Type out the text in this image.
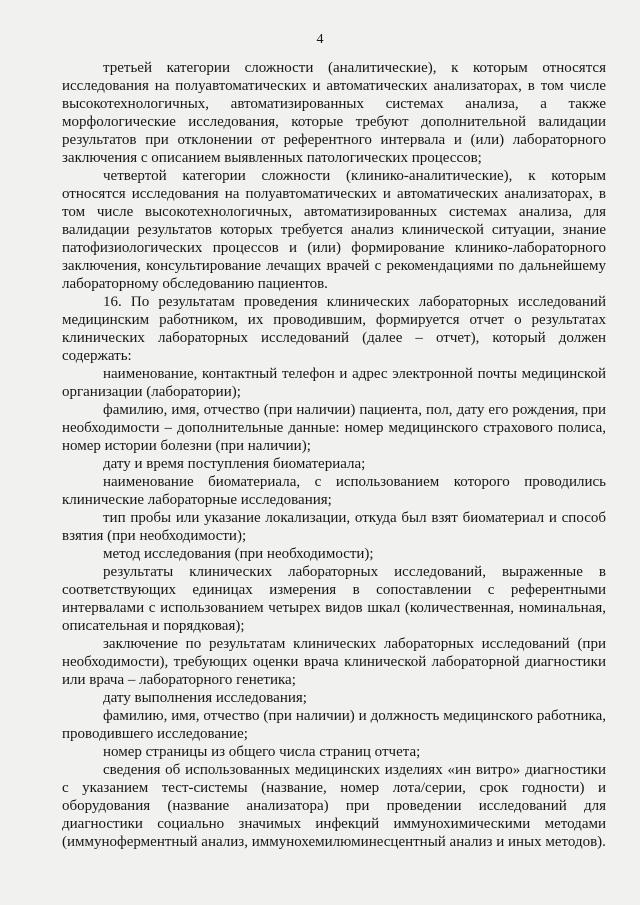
4

третьей категории сложности (аналитические), к которым относятся исследования на полуавтоматических и автоматических анализаторах, в том числе высокотехнологичных, автоматизированных системах анализа, а также морфологические исследования, которые требуют дополнительной валидации результатов при отклонении от референтного интервала и (или) лабораторного заключения с описанием выявленных патологических процессов;

четвертой категории сложности (клинико-аналитические), к которым относятся исследования на полуавтоматических и автоматических анализаторах, в том числе высокотехнологичных, автоматизированных системах анализа, для валидации результатов которых требуется анализ клинической ситуации, знание патофизиологических процессов и (или) формирование клинико-лабораторного заключения, консультирование лечащих врачей с рекомендациями по дальнейшему лабораторному обследованию пациентов.

16. По результатам проведения клинических лабораторных исследований медицинским работником, их проводившим, формируется отчет о результатах клинических лабораторных исследований (далее – отчет), который должен содержать:

наименование, контактный телефон и адрес электронной почты медицинской организации (лаборатории);

фамилию, имя, отчество (при наличии) пациента, пол, дату его рождения, при необходимости – дополнительные данные: номер медицинского страхового полиса, номер истории болезни (при наличии);

дату и время поступления биоматериала;

наименование биоматериала, с использованием которого проводились клинические лабораторные исследования;

тип пробы или указание локализации, откуда был взят биоматериал и способ взятия (при необходимости);

метод исследования (при необходимости);

результаты клинических лабораторных исследований, выраженные в соответствующих единицах измерения в сопоставлении с референтными интервалами с использованием четырех видов шкал (количественная, номинальная, описательная и порядковая);

заключение по результатам клинических лабораторных исследований (при необходимости), требующих оценки врача клинической лабораторной диагностики или врача – лабораторного генетика;

дату выполнения исследования;

фамилию, имя, отчество (при наличии) и должность медицинского работника, проводившего исследование;

номер страницы из общего числа страниц отчета;

сведения об использованных медицинских изделиях «ин витро» диагностики с указанием тест-системы (название, номер лота/серии, срок годности) и оборудования (название анализатора) при проведении исследований для диагностики социально значимых инфекций иммунохимическими методами (иммуноферментный анализ, иммунохемилюминесцентный анализ и иных методов).
